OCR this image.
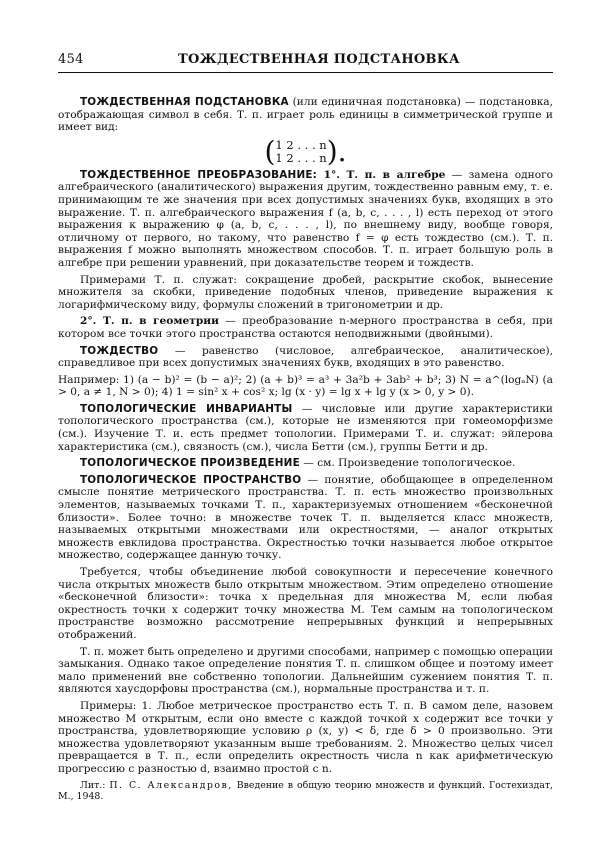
454	ТОЖДЕСТВЕННАЯ ПОДСТАНОВКА

ТОЖДЕСТВЕННАЯ ПОДСТАНОВКА (или единичная подстановка) — подстановка, отображающая символ в себя. Т. п. играет роль единицы в симметрической группе и имеет вид:

( 1 2 . . . n
1 2 . . . n ).

ТОЖДЕСТВЕННОЕ ПРЕОБРАЗОВАНИЕ: 1°. Т. п. в алгебре — замена одного алгебраического (аналитического) выражения другим, тождественно равным ему, т. е. принимающим те же значения при всех допустимых значениях букв, входящих в это выражение. Т. п. алгебраического выражения f (a, b, c, . . . , l) есть переход от этого выражения к выражению φ (a, b, c, . . . , l), по внешнему виду, вообще говоря, отличному от первого, но такому, что равенство f = φ есть тождество (см.). Т. п. выражения f можно выполнять множеством способов. Т. п. играет большую роль в алгебре при решении уравнений, при доказательстве теорем и тождеств.

Примерами Т. п. служат: сокращение дробей, раскрытие скобок, вынесение множителя за скобки, приведение подобных членов, приведение выражения к логарифмическому виду, формулы сложений в тригонометрии и др.

2°. Т. п. в геометрии — преобразование n-мерного пространства в себя, при котором все точки этого пространства остаются неподвижными (двойными).

ТОЖДЕСТВО — равенство (числовое, алгебраическое, аналитическое), справедливое при всех допустимых значениях букв, входящих в это равенство.

Например: 1) (a − b)² = (b − a)²; 2) (a + b)³ = a³ + 3a²b + 3ab² + b³; 3) N = a^(logₐN) (a > 0, a ≠ 1, N > 0); 4) 1 = sin² x + cos² x; lg (x · y) = lg x + lg y (x > 0, y > 0).

ТОПОЛОГИЧЕСКИЕ ИНВАРИАНТЫ — числовые или другие характеристики топологического пространства (см.), которые не изменяются при гомеоморфизме (см.). Изучение Т. и. есть предмет топологии. Примерами Т. и. служат: эйлерова характеристика (см.), связность (см.), числа Бетти (см.), группы Бетти и др.

ТОПОЛОГИЧЕСКОЕ ПРОИЗВЕДЕНИЕ — см. Произведение топологическое.

ТОПОЛОГИЧЕСКОЕ ПРОСТРАНСТВО — понятие, обобщающее в определенном смысле понятие метрического пространства. Т. п. есть множество произвольных элементов, называемых точками Т. п., характеризуемых отношением «бесконечной близости». Более точно: в множестве точек Т. п. выделяется класс множеств, называемых открытыми множествами или окрестностями, — аналог открытых множеств евклидова пространства. Окрестностью точки называется любое открытое множество, содержащее данную точку.

Требуется, чтобы объединение любой совокупности и пересечение конечного числа открытых множеств было открытым множеством. Этим определено отношение «бесконечной близости»: точка x предельная для множества M, если любая окрестность точки x содержит точку множества M. Тем самым на топологическом пространстве возможно рассмотрение непрерывных функций и непрерывных отображений.

Т. п. может быть определено и другими способами, например с помощью операции замыкания. Однако такое определение понятия Т. п. слишком общее и поэтому имеет мало применений вне собственно топологии. Дальнейшим сужением понятия Т. п. являются хаусдорфовы пространства (см.), нормальные пространства и т. п.

Примеры: 1. Любое метрическое пространство есть Т. п. В самом деле, назовем множество M открытым, если оно вместе с каждой точкой x содержит все точки y пространства, удовлетворяющие условию ρ (x, y) < δ, где δ > 0 произвольно. Эти множества удовлетворяют указанным выше требованиям. 2. Множество целых чисел превращается в Т. п., если определить окрестность числа n как арифметическую прогрессию с разностью d, взаимно простой с n.

Лит.: П. С. Александров, Введение в общую теорию множеств и функций. Гостехиздат, М., 1948.
